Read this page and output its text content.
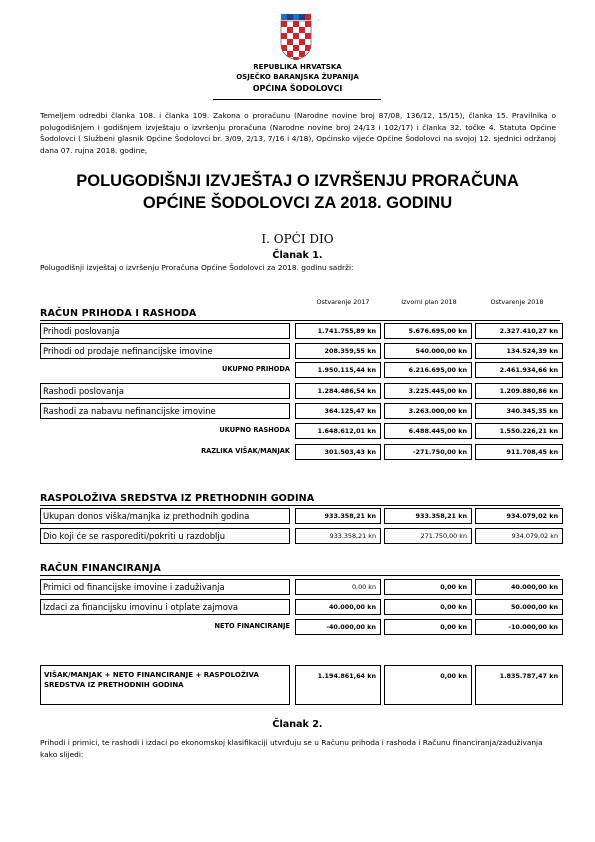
REPUBLIKA HRVATSKA
OSJEČKO BARANJSKA ŽUPANIJA
OPĆINA ŠODOLOVCI
Temeljem odredbi članka 108. i članka 109. Zakona o proračunu (Narodne novine broj 87/08, 136/12, 15/15), članka 15. Pravilnika o polugodišnjem i godišnjem izvještaju o izvršenju proračuna (Narodne novine broj 24/13 i 102/17) i članka 32. točke 4. Statuta Općine Šodolovci ( Službeni glasnik Općine Šodolovci br. 3/09, 2/13, 7/16 i 4/18), Općinsko vijeće Općine Šodolovci na svojoj 12. sjednici održanoj dana 07. rujna 2018. godine,
POLUGODIŠNJI IZVJEŠTAJ O IZVRŠENJU PRORAČUNA
OPĆINE ŠODOLOVCI ZA 2018. GODINU
I. OPĆI DIO
Članak 1.
Polugodišnji izvještaj o izvršenju Proračuna Općine Šodolovci za 2018. godinu sadrži:
Ostvarenje 2017	Izvorni plan 2018	Ostvarenje 2018
RAČUN PRIHODA I RASHODA
Prihodi poslovanja	1.741.755,89 kn	5.676.695,00 kn	2.327.410,27 kn
Prihodi od prodaje nefinancijske imovine	208.359,55 kn	540.000,00 kn	134.524,39 kn
UKUPNO PRIHODA	1.950.115,44 kn	6.216.695,00 kn	2.461.934,66 kn
Rashodi poslovanja	1.284.486,54 kn	3.225.445,00 kn	1.209.880,86 kn
Rashodi za nabavu nefinancijske imovine	364.125,47 kn	3.263.000,00 kn	340.345,35 kn
UKUPNO RASHODA	1.648.612,01 kn	6.488.445,00 kn	1.550.226,21 kn
RAZLIKA VIŠAK/MANJAK	301.503,43 kn	-271.750,00 kn	911.708,45 kn
RASPOLOŽIVA SREDSTVA IZ PRETHODNIH GODINA
Ukupan donos viška/manjka iz prethodnih godina	933.358,21 kn	933.358,21 kn	934.079,02 kn
Dio koji će se rasporediti/pokriti u razdoblju	933.358,21 kn	271.750,00 kn	934.079,02 kn
RAČUN FINANCIRANJA
Primici od financijske imovine i zaduživanja	0,00 kn	0,00 kn	40.000,00 kn
Izdaci za financijsku imovinu i otplate zajmova	40.000,00 kn	0,00 kn	50.000,00 kn
NETO FINANCIRANJE	-40.000,00 kn	0,00 kn	-10.000,00 kn
VIŠAK/MANJAK + NETO FINANCIRANJE + RASPOLOŽIVA SREDSTVA IZ PRETHODNIH GODINA
1.194.861,64 kn	0,00 kn	1.835.787,47 kn
Članak 2.
Prihodi i primici, te rashodi i izdaci po ekonomskoj klasifikaciji utvrđuju se u Računu prihoda i rashoda i Računu financiranja/zaduživanja kako slijedi:
